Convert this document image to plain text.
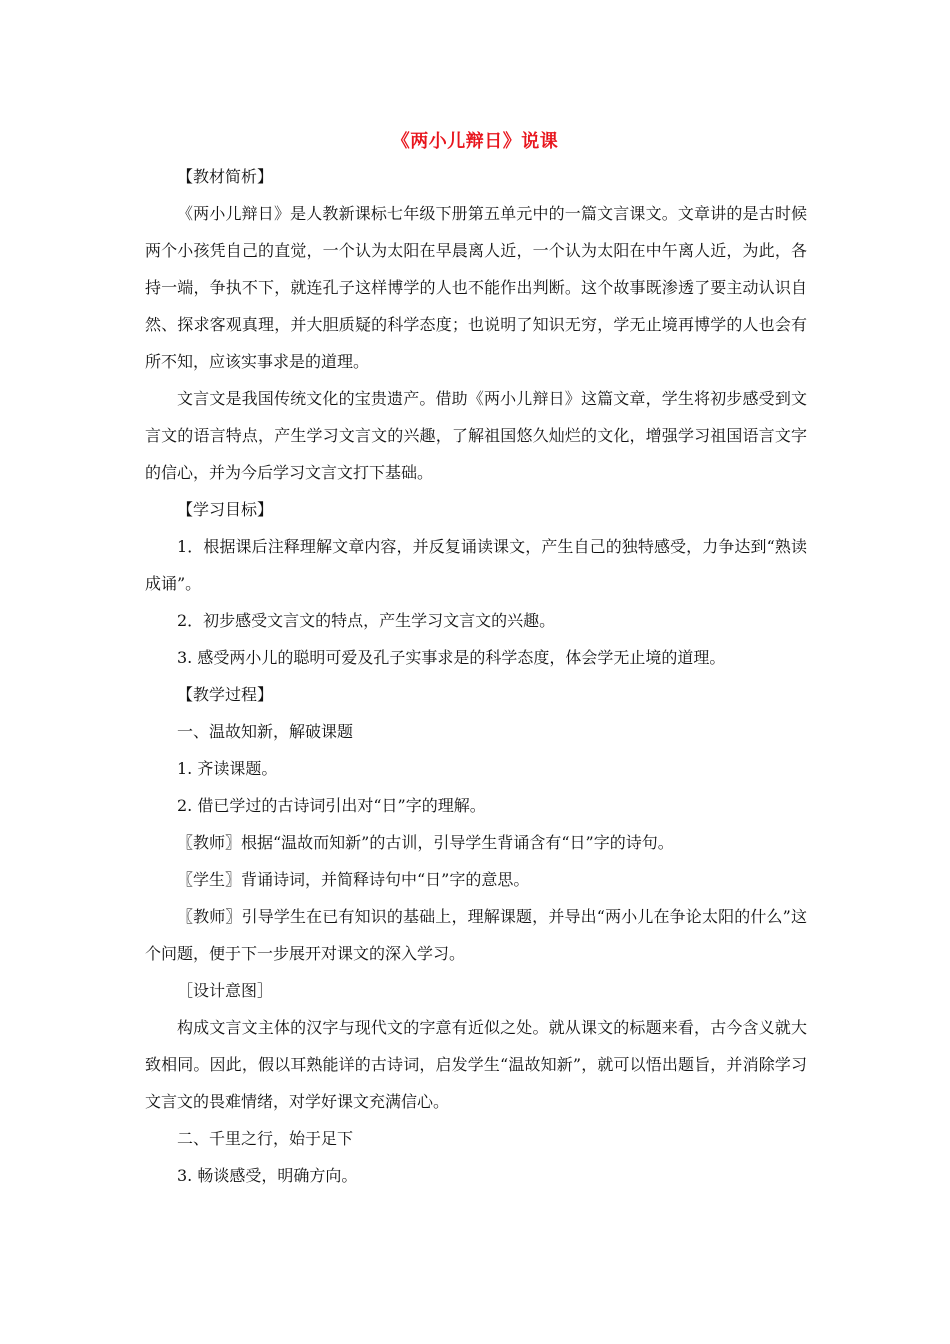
《两小儿辩日》说课

【教材简析】

《两小儿辩日》是人教新课标七年级下册第五单元中的一篇文言课文。文章讲的是古时候两个小孩凭自己的直觉，一个认为太阳在早晨离人近，一个认为太阳在中午离人近，为此，各持一端，争执不下，就连孔子这样博学的人也不能作出判断。这个故事既渗透了要主动认识自然、探求客观真理，并大胆质疑的科学态度；也说明了知识无穷，学无止境再博学的人也会有所不知，应该实事求是的道理。

文言文是我国传统文化的宝贵遗产。借助《两小儿辩日》这篇文章，学生将初步感受到文言文的语言特点，产生学习文言文的兴趣，了解祖国悠久灿烂的文化，增强学习祖国语言文字的信心，并为今后学习文言文打下基础。

【学习目标】

1．根据课后注释理解文章内容，并反复诵读课文，产生自己的独特感受，力争达到“熟读成诵”。

2．初步感受文言文的特点，产生学习文言文的兴趣。

3. 感受两小儿的聪明可爱及孔子实事求是的科学态度，体会学无止境的道理。

【教学过程】

一、温故知新，解破课题

1. 齐读课题。

2. 借已学过的古诗词引出对“日”字的理解。

〖教师〗根据“温故而知新”的古训，引导学生背诵含有“日”字的诗句。

〖学生〗背诵诗词，并简释诗句中“日”字的意思。

〖教师〗引导学生在已有知识的基础上，理解课题，并导出“两小儿在争论太阳的什么”这个问题，便于下一步展开对课文的深入学习。

［设计意图］

构成文言文主体的汉字与现代文的字意有近似之处。就从课文的标题来看，古今含义就大致相同。因此，假以耳熟能详的古诗词，启发学生“温故知新”，就可以悟出题旨，并消除学习文言文的畏难情绪，对学好课文充满信心。

二、千里之行，始于足下

3. 畅谈感受，明确方向。
